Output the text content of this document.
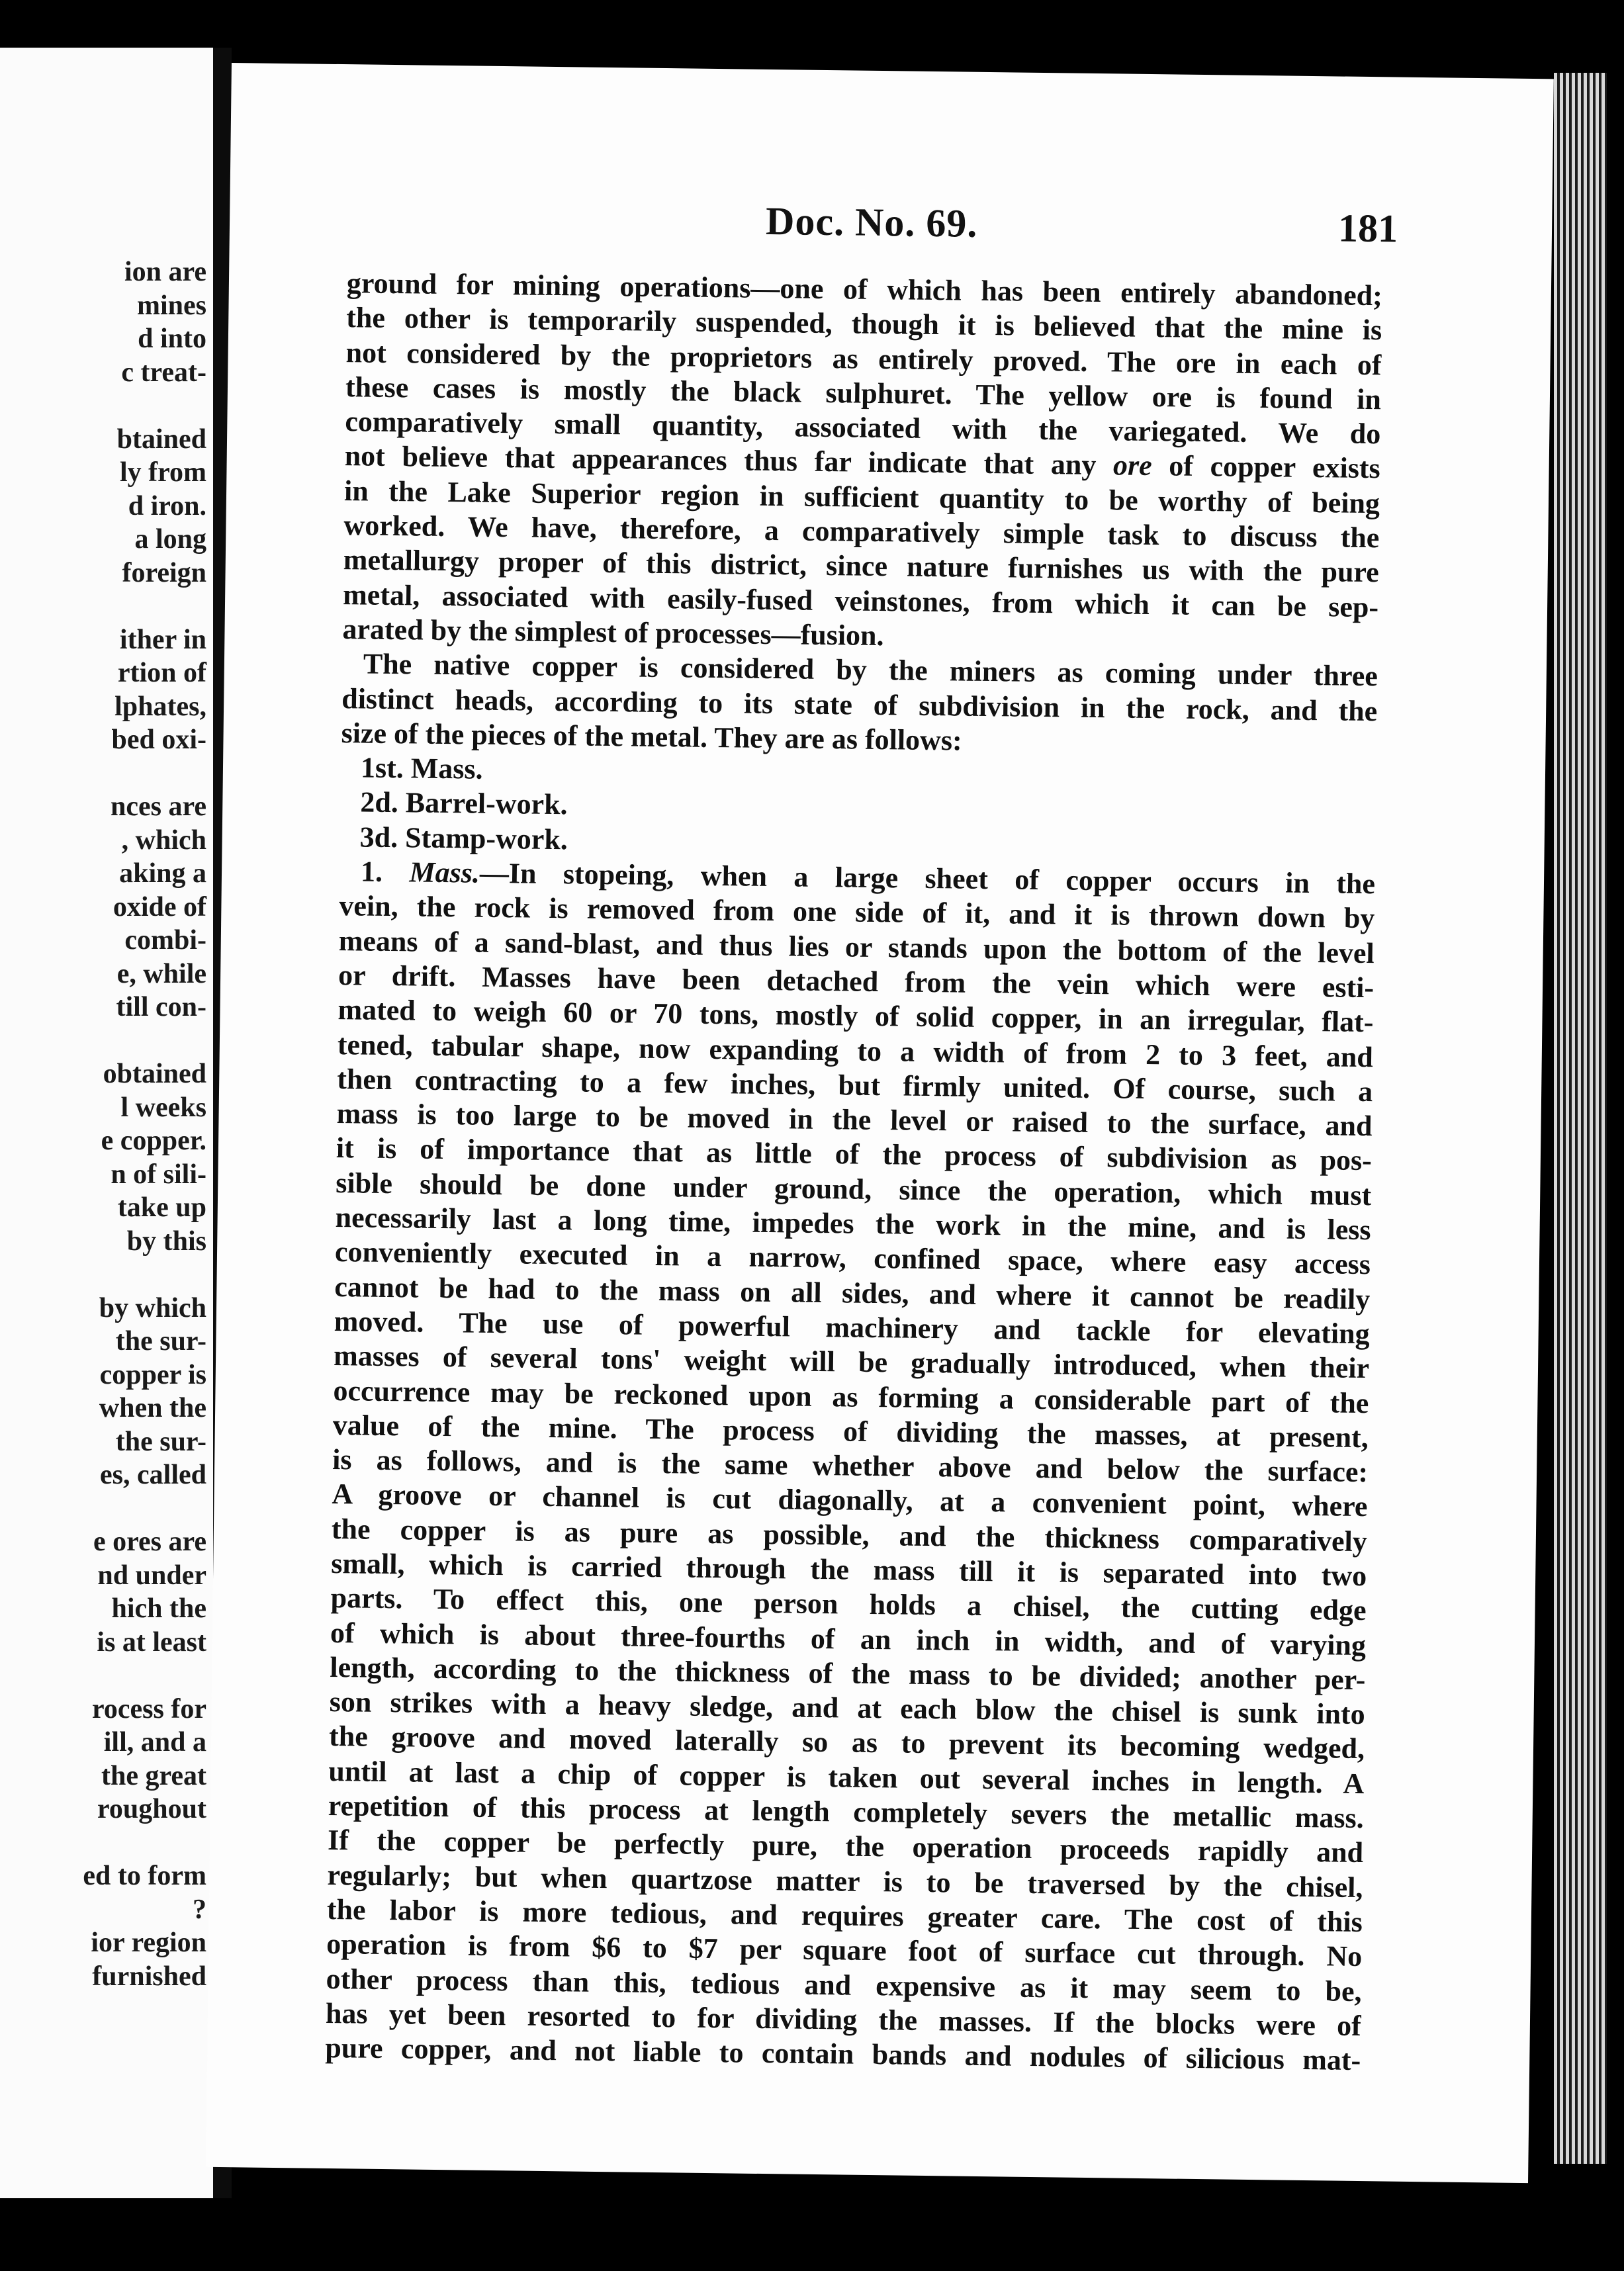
ion are
mines
d into
c treat-
btained
ly from
d iron.
a long
foreign
ither in
rtion of
lphates,
bed oxi-
nces are
, which
aking a
oxide of
combi-
e, while
till con-
obtained
l weeks
e copper.
n of sili-
take up
by this
by which
the sur-
copper is
when the
the sur-
es, called
e ores are
nd under
hich the
is at least
rocess for
ill, and a
the great
roughout
ed to form
?
ior region
furnished
Doc. No. 69.	181
ground for mining operations—one of which has been entirely abandoned;
the other is temporarily suspended, though it is believed that the mine is
not considered by the proprietors as entirely proved. The ore in each of
these cases is mostly the black sulphuret. The yellow ore is found in
comparatively small quantity, associated with the variegated. We do
not believe that appearances thus far indicate that any ore of copper exists
in the Lake Superior region in sufficient quantity to be worthy of being
worked. We have, therefore, a comparatively simple task to discuss the
metallurgy proper of this district, since nature furnishes us with the pure
metal, associated with easily-fused veinstones, from which it can be sep-
arated by the simplest of processes—fusion.
The native copper is considered by the miners as coming under three
distinct heads, according to its state of subdivision in the rock, and the
size of the pieces of the metal. They are as follows:
1st. Mass.
2d. Barrel-work.
3d. Stamp-work.
1. Mass.—In stopeing, when a large sheet of copper occurs in the
vein, the rock is removed from one side of it, and it is thrown down by
means of a sand-blast, and thus lies or stands upon the bottom of the level
or drift. Masses have been detached from the vein which were esti-
mated to weigh 60 or 70 tons, mostly of solid copper, in an irregular, flat-
tened, tabular shape, now expanding to a width of from 2 to 3 feet, and
then contracting to a few inches, but firmly united. Of course, such a
mass is too large to be moved in the level or raised to the surface, and
it is of importance that as little of the process of subdivision as pos-
sible should be done under ground, since the operation, which must
necessarily last a long time, impedes the work in the mine, and is less
conveniently executed in a narrow, confined space, where easy access
cannot be had to the mass on all sides, and where it cannot be readily
moved. The use of powerful machinery and tackle for elevating
masses of several tons' weight will be gradually introduced, when their
occurrence may be reckoned upon as forming a considerable part of the
value of the mine. The process of dividing the masses, at present,
is as follows, and is the same whether above and below the surface:
A groove or channel is cut diagonally, at a convenient point, where
the copper is as pure as possible, and the thickness comparatively
small, which is carried through the mass till it is separated into two
parts. To effect this, one person holds a chisel, the cutting edge
of which is about three-fourths of an inch in width, and of varying
length, according to the thickness of the mass to be divided; another per-
son strikes with a heavy sledge, and at each blow the chisel is sunk into
the groove and moved laterally so as to prevent its becoming wedged,
until at last a chip of copper is taken out several inches in length. A
repetition of this process at length completely severs the metallic mass.
If the copper be perfectly pure, the operation proceeds rapidly and
regularly; but when quartzose matter is to be traversed by the chisel,
the labor is more tedious, and requires greater care. The cost of this
operation is from $6 to $7 per square foot of surface cut through. No
other process than this, tedious and expensive as it may seem to be,
has yet been resorted to for dividing the masses. If the blocks were of
pure copper, and not liable to contain bands and nodules of silicious mat-
